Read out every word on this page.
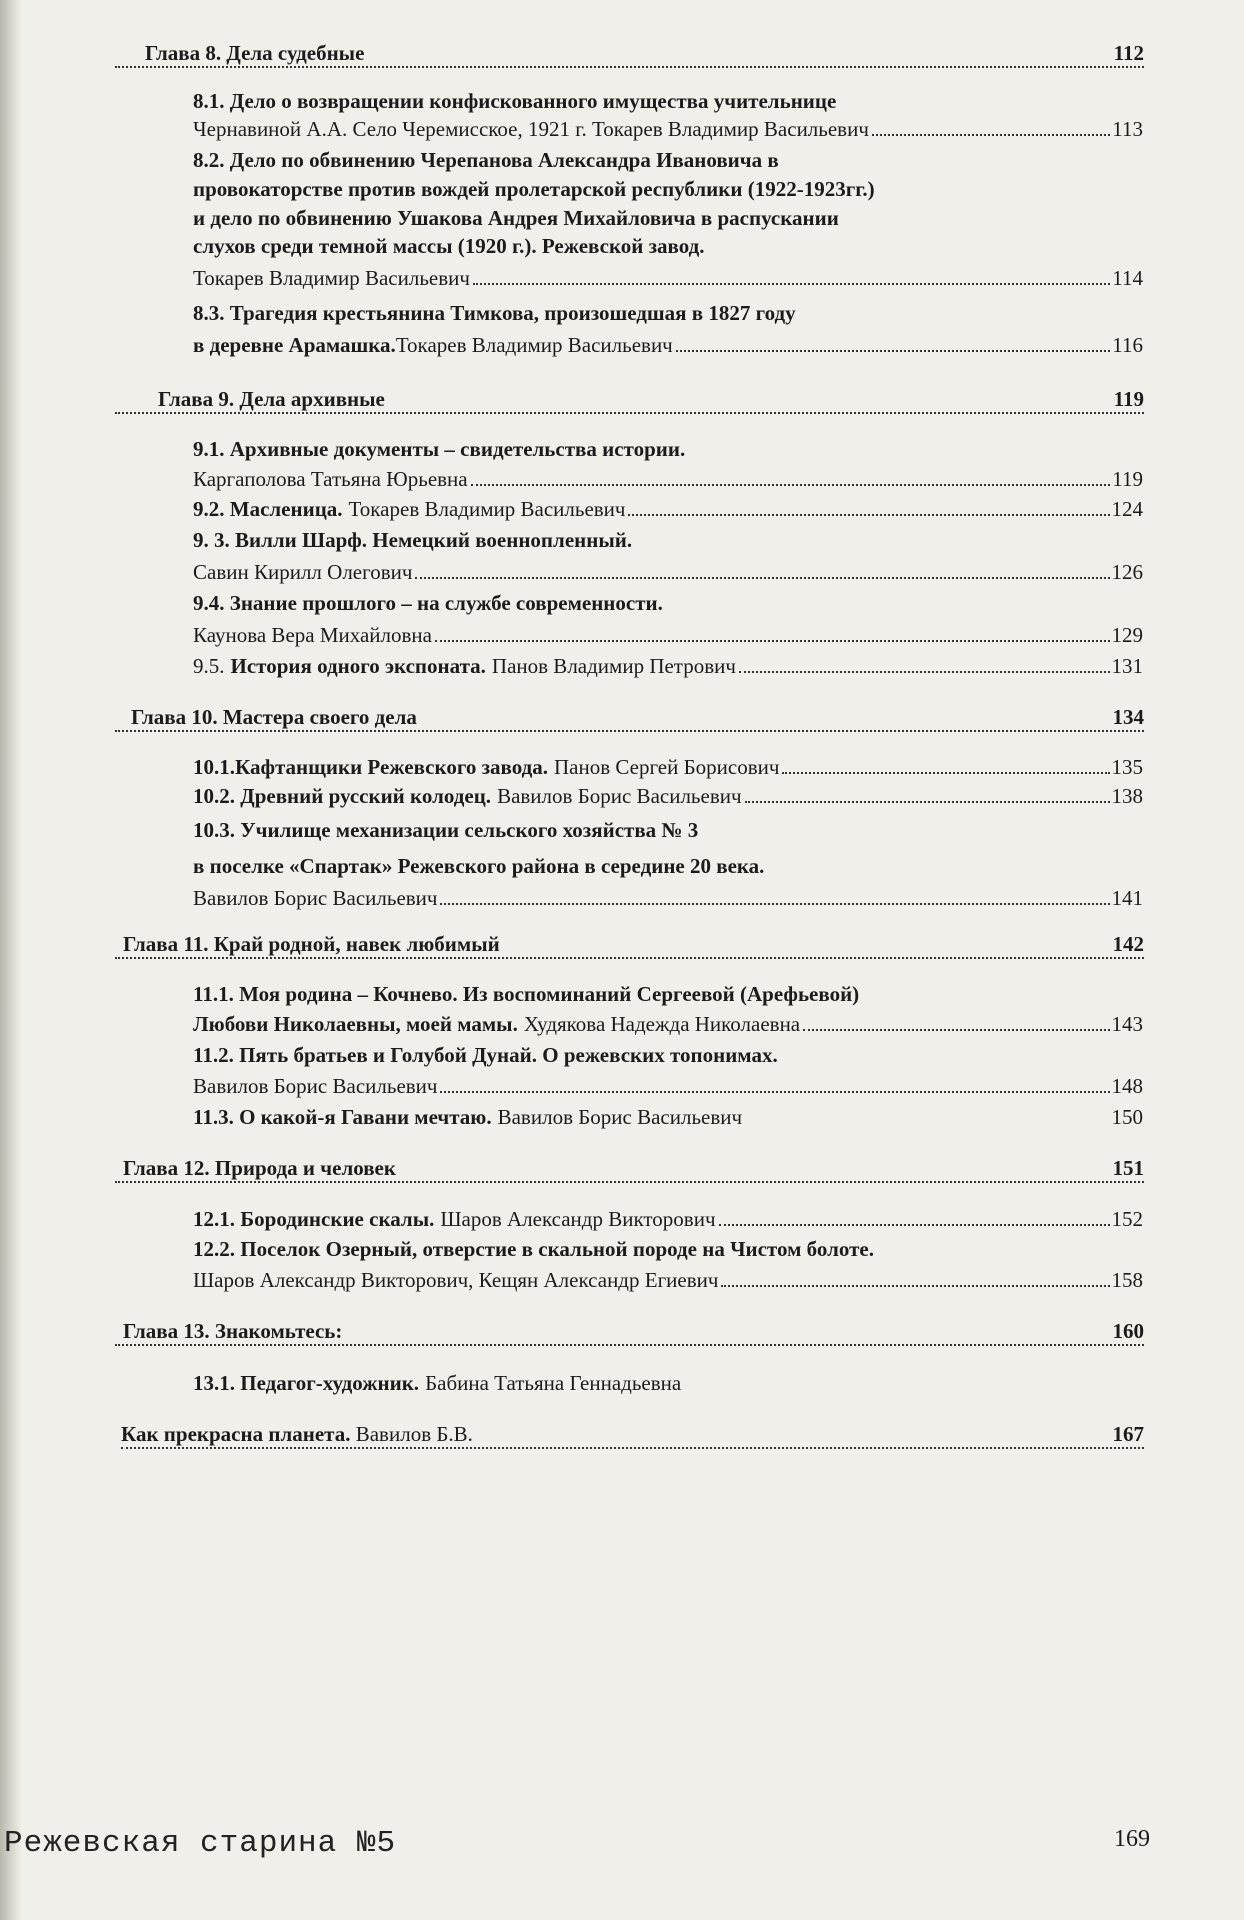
Глава 8. Дела судебные	112
8.1. Дело о возвращении конфискованного имущества учительнице
Чернавиной А.А. Село Черемисское, 1921 г. Токарев Владимир Васильевич	113
8.2. Дело по обвинению Черепанова Александра Ивановича в
провокаторстве против вождей пролетарской республики (1922-1923гг.)
и дело по обвинению Ушакова Андрея Михайловича в распускании
слухов среди темной массы (1920 г.). Режевской завод.
Токарев Владимир Васильевич	114
8.3. Трагедия крестьянина Тимкова, произошедшая в 1827 году
в деревне Арамашка. Токарев Владимир Васильевич	116
Глава 9. Дела архивные	119
9.1. Архивные документы – свидетельства истории.
Каргаполова Татьяна Юрьевна	119
9.2. Масленица. Токарев Владимир Васильевич	124
9. 3. Вилли Шарф. Немецкий военнопленный.
Савин Кирилл Олегович	126
9.4. Знание прошлого – на службе современности.
Каунова Вера Михайловна	129
9.5. История одного экспоната. Панов Владимир Петрович	131
Глава 10. Мастера своего дела	134
10.1.Кафтанщики Режевского завода. Панов Сергей Борисович	135
10.2. Древний русский колодец. Вавилов Борис Васильевич	138
10.3. Училище механизации сельского хозяйства № 3
в поселке «Спартак» Режевского района в середине 20 века.
Вавилов Борис Васильевич	141
Глава 11. Край родной, навек любимый	142
11.1. Моя родина – Кочнево. Из воспоминаний Сергеевой (Арефьевой)
Любови Николаевны, моей мамы. Худякова Надежда Николаевна	143
11.2. Пять братьев и Голубой Дунай. О режевских топонимах.
Вавилов Борис Васильевич	148
11.3. О какой-я Гавани мечтаю. Вавилов Борис Васильевич	150
Глава 12. Природа и человек	151
12.1. Бородинские скалы. Шаров Александр Викторович	152
12.2. Поселок Озерный, отверстие в скальной породе на Чистом болоте.
Шаров Александр Викторович, Кещян Александр Егиевич	158
Глава 13. Знакомьтесь:	160
13.1. Педагог-художник. Бабина Татьяна Геннадьевна
Как прекрасна планета. Вавилов Б.В.	167
Режевская старина №5	169
